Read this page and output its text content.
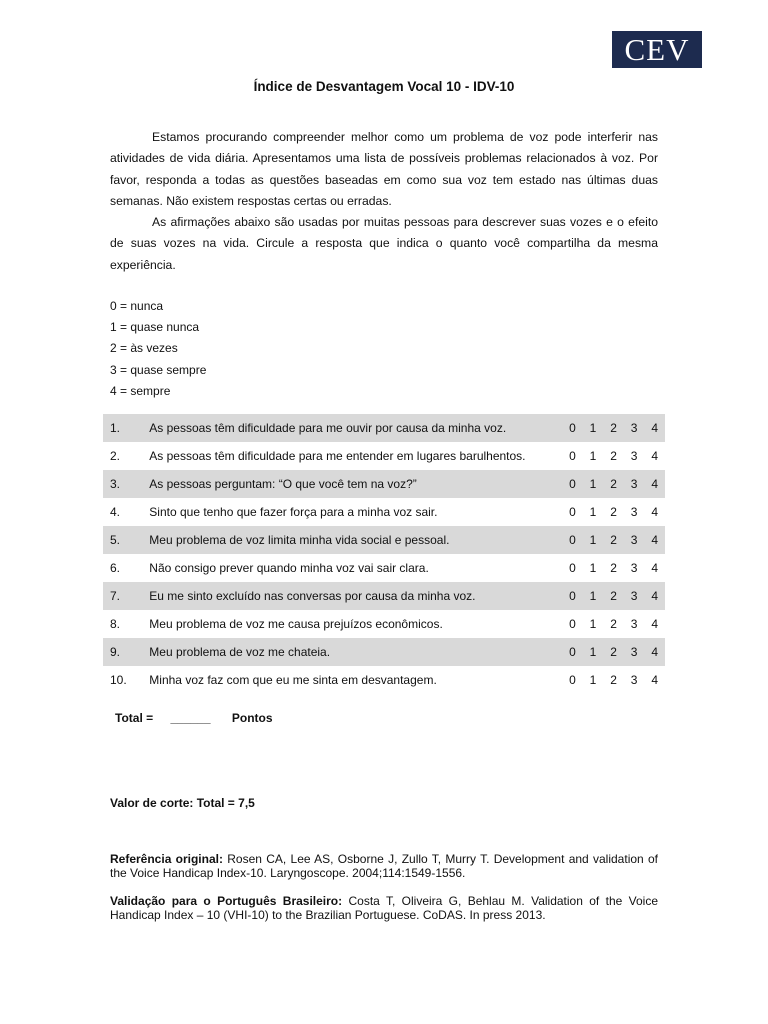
CEV
Índice de Desvantagem Vocal 10 - IDV-10

Estamos procurando compreender melhor como um problema de voz pode interferir nas atividades de vida diária. Apresentamos uma lista de possíveis problemas relacionados à voz. Por favor, responda a todas as questões baseadas em como sua voz tem estado nas últimas duas semanas. Não existem respostas certas ou erradas.

As afirmações abaixo são usadas por muitas pessoas para descrever suas vozes e o efeito de suas vozes na vida. Circule a resposta que indica o quanto você compartilha da mesma experiência.

0 = nunca
1 = quase nunca
2 = às vezes
3 = quase sempre
4 = sempre
1.	As pessoas têm dificuldade para me ouvir por causa da minha voz.	0	1	2	3	4
2.	As pessoas têm dificuldade para me entender em lugares barulhentos.	0	1	2	3	4
3.	As pessoas perguntam: “O que você tem na voz?”	0	1	2	3	4
4.	Sinto que tenho que fazer força para a minha voz sair.	0	1	2	3	4
5.	Meu problema de voz limita minha vida social e pessoal.	0	1	2	3	4
6.	Não consigo prever quando minha voz vai sair clara.	0	1	2	3	4
7.	Eu me sinto excluído nas conversas por causa da minha voz.	0	1	2	3	4
8.	Meu problema de voz me causa prejuízos econômicos.	0	1	2	3	4
9.	Meu problema de voz me chateia.	0	1	2	3	4
10.	Minha voz faz com que eu me sinta em desvantagem.	0	1	2	3	4
Total = ______ Pontos
Valor de corte: Total = 7,5

Referência original: Rosen CA, Lee AS, Osborne J, Zullo T, Murry T. Development and validation of the Voice Handicap Index-10. Laryngoscope. 2004;114:1549-1556.

Validação para o Português Brasileiro: Costa T, Oliveira G, Behlau M. Validation of the Voice Handicap Index – 10 (VHI-10) to the Brazilian Portuguese. CoDAS. In press 2013.
